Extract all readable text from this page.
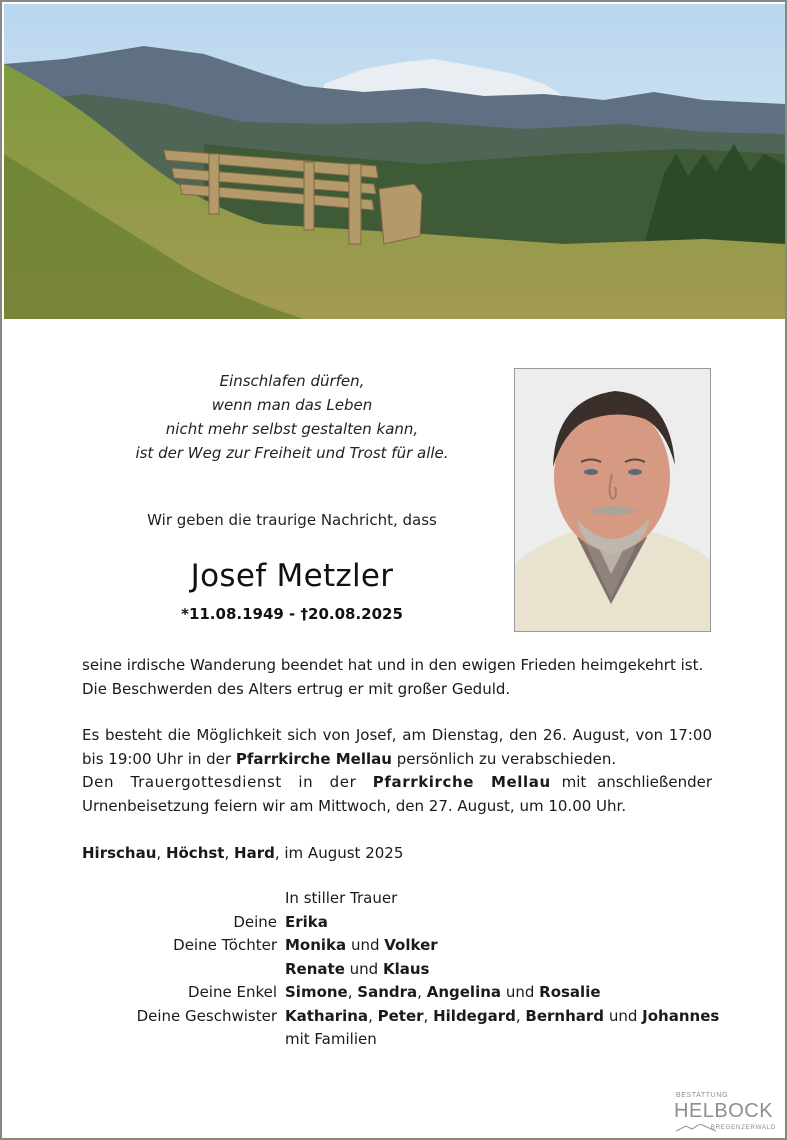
Einschlafen dürfen,
wenn man das Leben
nicht mehr selbst gestalten kann,
ist der Weg zur Freiheit und Trost für alle.
Wir geben die traurige Nachricht, dass
Josef Metzler
*11.08.1949 - †20.08.2025
seine irdische Wanderung beendet hat und in den ewigen Frieden heimgekehrt ist.
Die Beschwerden des Alters ertrug er mit großer Geduld.
Es besteht die Möglichkeit sich von Josef, am Dienstag, den 26. August, von 17:00 bis 19:00 Uhr in der Pfarrkirche Mellau persönlich zu verabschieden.
Den Trauergottesdienst in der Pfarrkirche Mellau mit anschließender Urnenbeisetzung feiern wir am Mittwoch, den 27. August, um 10.00 Uhr.
Hirschau, Höchst, Hard, im August 2025
In stiller Trauer
Deine Erika
Deine Töchter Monika und Volker
Renate und Klaus
Deine Enkel Simone, Sandra, Angelina und Rosalie
Deine Geschwister Katharina, Peter, Hildegard, Bernhard und Johannes
mit Familien
BESTATTUNG
HELBOCK
BREGENZERWALD
